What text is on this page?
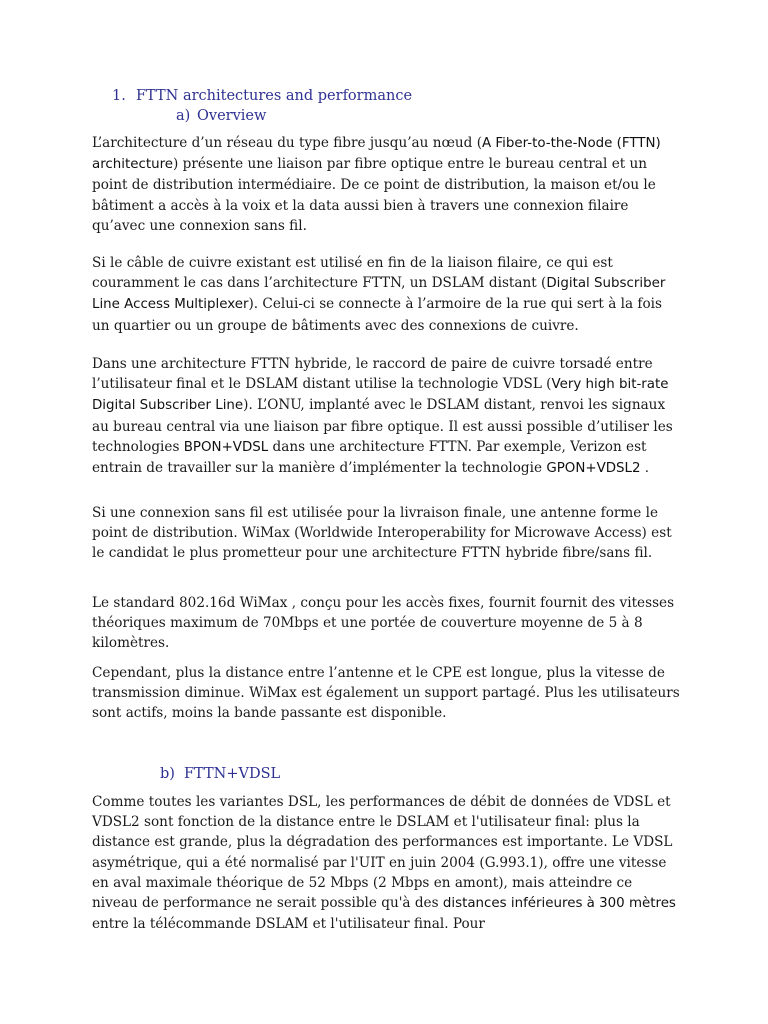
1. FTTN architectures and performance
a) Overview

L’architecture d’un réseau du type fibre jusqu’au nœud (A Fiber-to-the-Node (FTTN) architecture) présente une liaison par fibre optique entre le bureau central et un point de distribution intermédiaire. De ce point de distribution, la maison et/ou le bâtiment a accès à la voix et la data aussi bien à travers une connexion filaire qu’avec une connexion sans fil.

Si le câble de cuivre existant est utilisé en fin de la liaison filaire, ce qui est couramment le cas dans l’architecture FTTN, un DSLAM distant (Digital Subscriber Line Access Multiplexer). Celui-ci se connecte à l’armoire de la rue qui sert à la fois un quartier ou un groupe de bâtiments avec des connexions de cuivre.

Dans une architecture FTTN hybride, le raccord de paire de cuivre torsadé entre l’utilisateur final et le DSLAM distant utilise la technologie VDSL (Very high bit-rate Digital Subscriber Line). L’ONU, implanté avec le DSLAM distant, renvoi les signaux au bureau central via une liaison par fibre optique. Il est aussi possible d’utiliser les technologies BPON+VDSL dans une architecture FTTN. Par exemple, Verizon est entrain de travailler sur la manière d’implémenter la technologie GPON+VDSL2 .

Si une connexion sans fil est utilisée pour la livraison finale, une antenne forme le point de distribution. WiMax (Worldwide Interoperability for Microwave Access) est le candidat le plus prometteur pour une architecture FTTN hybride fibre/sans fil.

Le standard 802.16d WiMax , conçu pour les accès fixes, fournit fournit des vitesses théoriques maximum de 70Mbps et une portée de couverture moyenne de 5 à 8 kilomètres.

Cependant, plus la distance entre l’antenne et le CPE est longue, plus la vitesse de transmission diminue. WiMax est également un support partagé. Plus les utilisateurs sont actifs, moins la bande passante est disponible.

b) FTTN+VDSL

Comme toutes les variantes DSL, les performances de débit de données de VDSL et VDSL2 sont fonction de la distance entre le DSLAM et l'utilisateur final: plus la distance est grande, plus la dégradation des performances est importante. Le VDSL asymétrique, qui a été normalisé par l'UIT en juin 2004 (G.993.1), offre une vitesse en aval maximale théorique de 52 Mbps (2 Mbps en amont), mais atteindre ce niveau de performance ne serait possible qu'à des distances inférieures à 300 mètres entre la télécommande DSLAM et l'utilisateur final. Pour
